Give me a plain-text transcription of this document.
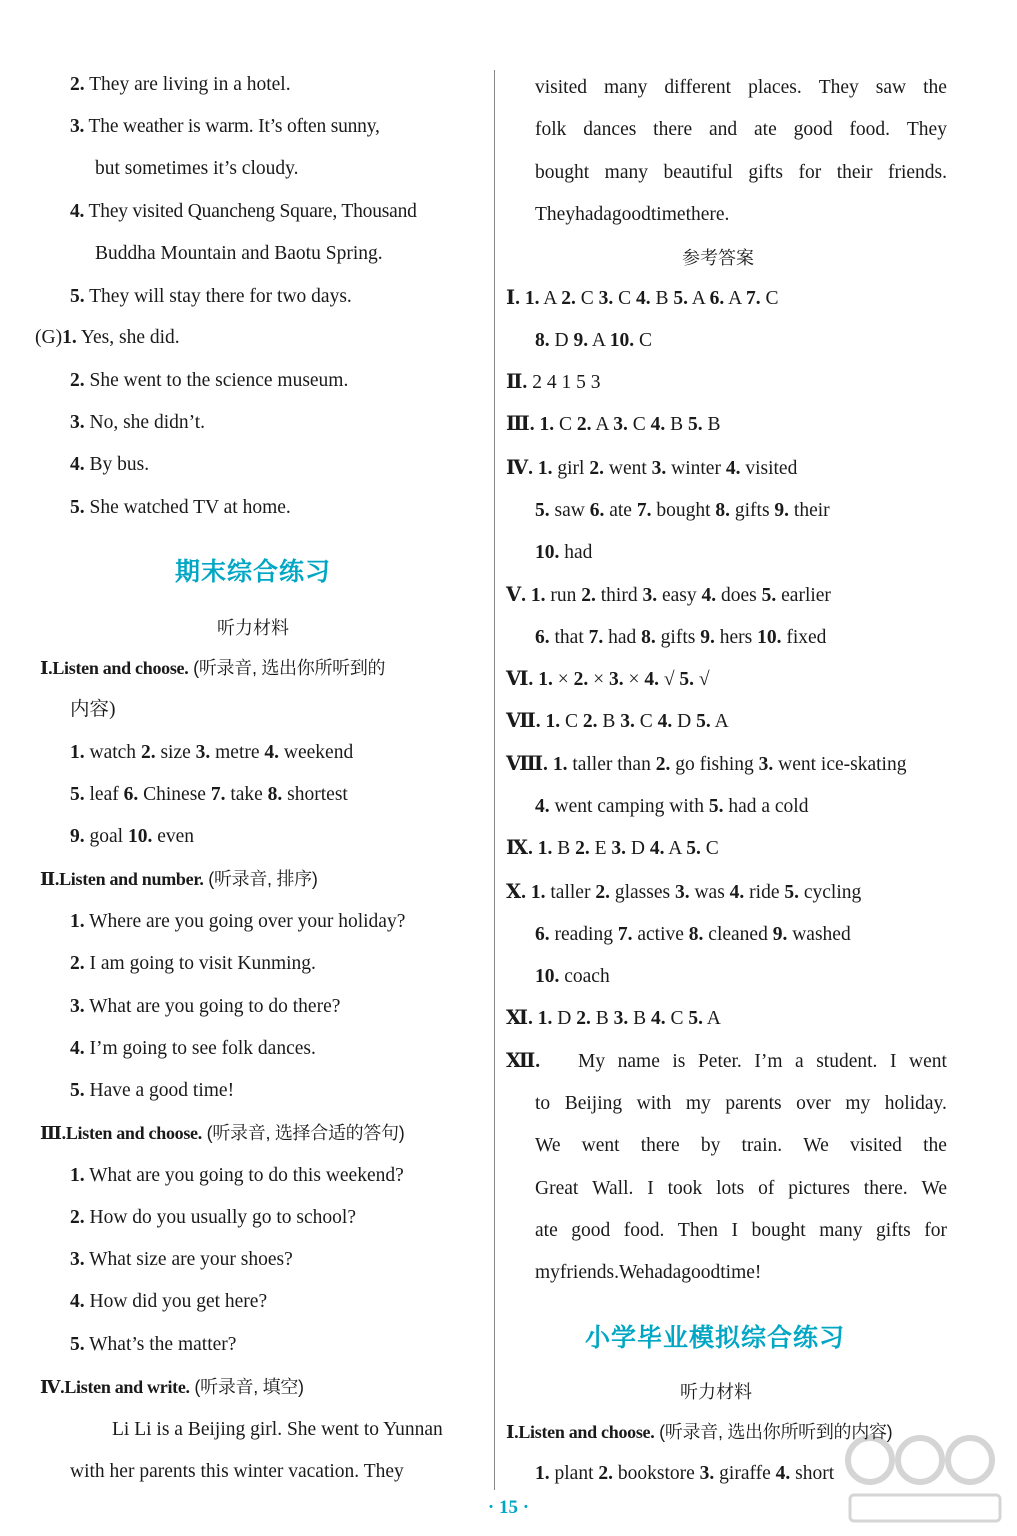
期末综合练习
听力材料
参考答案
小学毕业模拟综合练习
听力材料
· 15 ·
2. They are living in a hotel.
3. The weather is warm. It’s often sunny,
but sometimes it’s cloudy.
4. They visited Quancheng Square, Thousand
Buddha Mountain and Baotu Spring.
5. They will stay there for two days.
(G)1. Yes, she did.
2. She went to the science museum.
3. No, she didn’t.
4. By bus.
5. She watched TV at home.
Ⅰ.Listen and choose. (听录音, 选出你所听到的
内容)
1. watch 2. size 3. metre 4. weekend
5. leaf 6. Chinese 7. take 8. shortest
9. goal 10. even
Ⅱ.Listen and number. (听录音, 排序)
1. Where are you going over your holiday?
2. I am going to visit Kunming.
3. What are you going to do there?
4. I’m going to see folk dances.
5. Have a good time!
Ⅲ.Listen and choose. (听录音, 选择合适的答句)
1. What are you going to do this weekend?
2. How do you usually go to school?
3. What size are your shoes?
4. How did you get here?
5. What’s the matter?
Ⅳ.Listen and write. (听录音, 填空)
Li Li is a Beijing girl. She went to Yunnan
with her parents this winter vacation. They
visited many different places. They saw the
folk dances there and ate good food. They
bought many beautiful gifts for their friends.
Theyhadagoodtimethere.
Ⅰ. 1. A 2. C 3. C 4. B 5. A 6. A 7. C
8. D 9. A 10. C
Ⅱ. 2 4 1 5 3
Ⅲ. 1. C 2. A 3. C 4. B 5. B
Ⅳ. 1. girl 2. went 3. winter 4. visited
5. saw 6. ate 7. bought 8. gifts 9. their
10. had
Ⅴ. 1. run 2. third 3. easy 4. does 5. earlier
6. that 7. had 8. gifts 9. hers 10. fixed
Ⅵ. 1. × 2. × 3. × 4. √ 5. √
Ⅶ. 1. C 2. B 3. C 4. D 5. A
Ⅷ. 1. taller than 2. go fishing 3. went ice-skating
4. went camping with 5. had a cold
Ⅸ. 1. B 2. E 3. D 4. A 5. C
Ⅹ. 1. taller 2. glasses 3. was 4. ride 5. cycling
6. reading 7. active 8. cleaned 9. washed
10. coach
Ⅺ. 1. D 2. B 3. B 4. C 5. A
Ⅻ. My name is Peter. I’m a student. I went
to Beijing with my parents over my holiday.
We went there by train. We visited the
Great Wall. I took lots of pictures there. We
ate good food. Then I bought many gifts for
myfriends.Wehadagoodtime!
Ⅰ.Listen and choose. (听录音, 选出你所听到的内容)
1. plant 2. bookstore 3. giraffe 4. short
